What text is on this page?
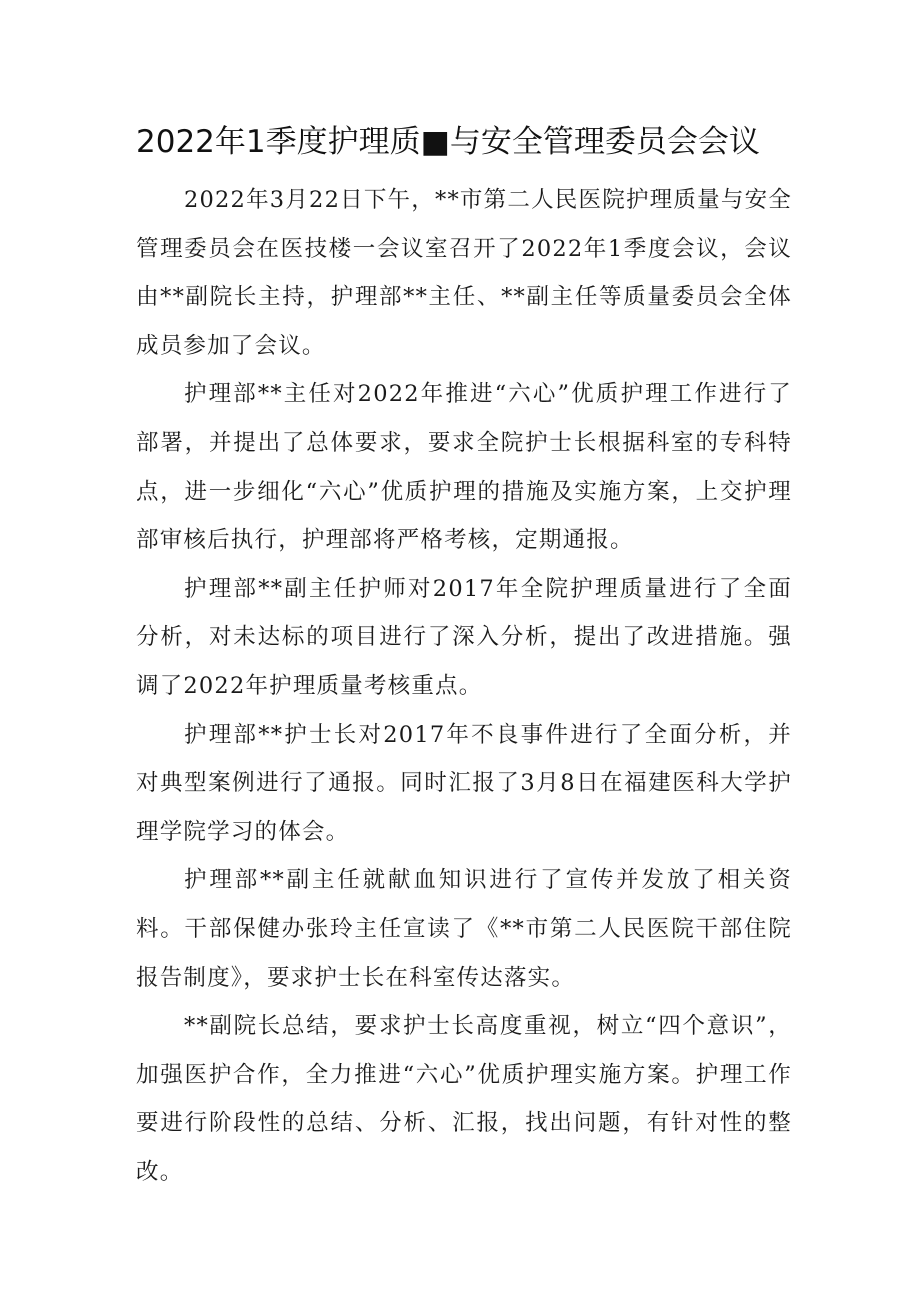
2022年1季度护理质■与安全管理委员会会议

2022年3月22日下午，**市第二人民医院护理质量与安全管理委员会在医技楼一会议室召开了2022年1季度会议，会议由**副院长主持，护理部**主任、**副主任等质量委员会全体成员参加了会议。

护理部**主任对2022年推进“六心”优质护理工作进行了部署，并提出了总体要求，要求全院护士长根据科室的专科特点，进一步细化“六心”优质护理的措施及实施方案，上交护理部审核后执行，护理部将严格考核，定期通报。

护理部**副主任护师对2017年全院护理质量进行了全面分析，对未达标的项目进行了深入分析，提出了改进措施。强调了2022年护理质量考核重点。

护理部**护士长对2017年不良事件进行了全面分析，并对典型案例进行了通报。同时汇报了3月8日在福建医科大学护理学院学习的体会。

护理部**副主任就献血知识进行了宣传并发放了相关资料。干部保健办张玲主任宣读了《**市第二人民医院干部住院报告制度》，要求护士长在科室传达落实。

**副院长总结，要求护士长高度重视，树立“四个意识”，加强医护合作，全力推进“六心”优质护理实施方案。护理工作要进行阶段性的总结、分析、汇报，找出问题，有针对性的整改。
